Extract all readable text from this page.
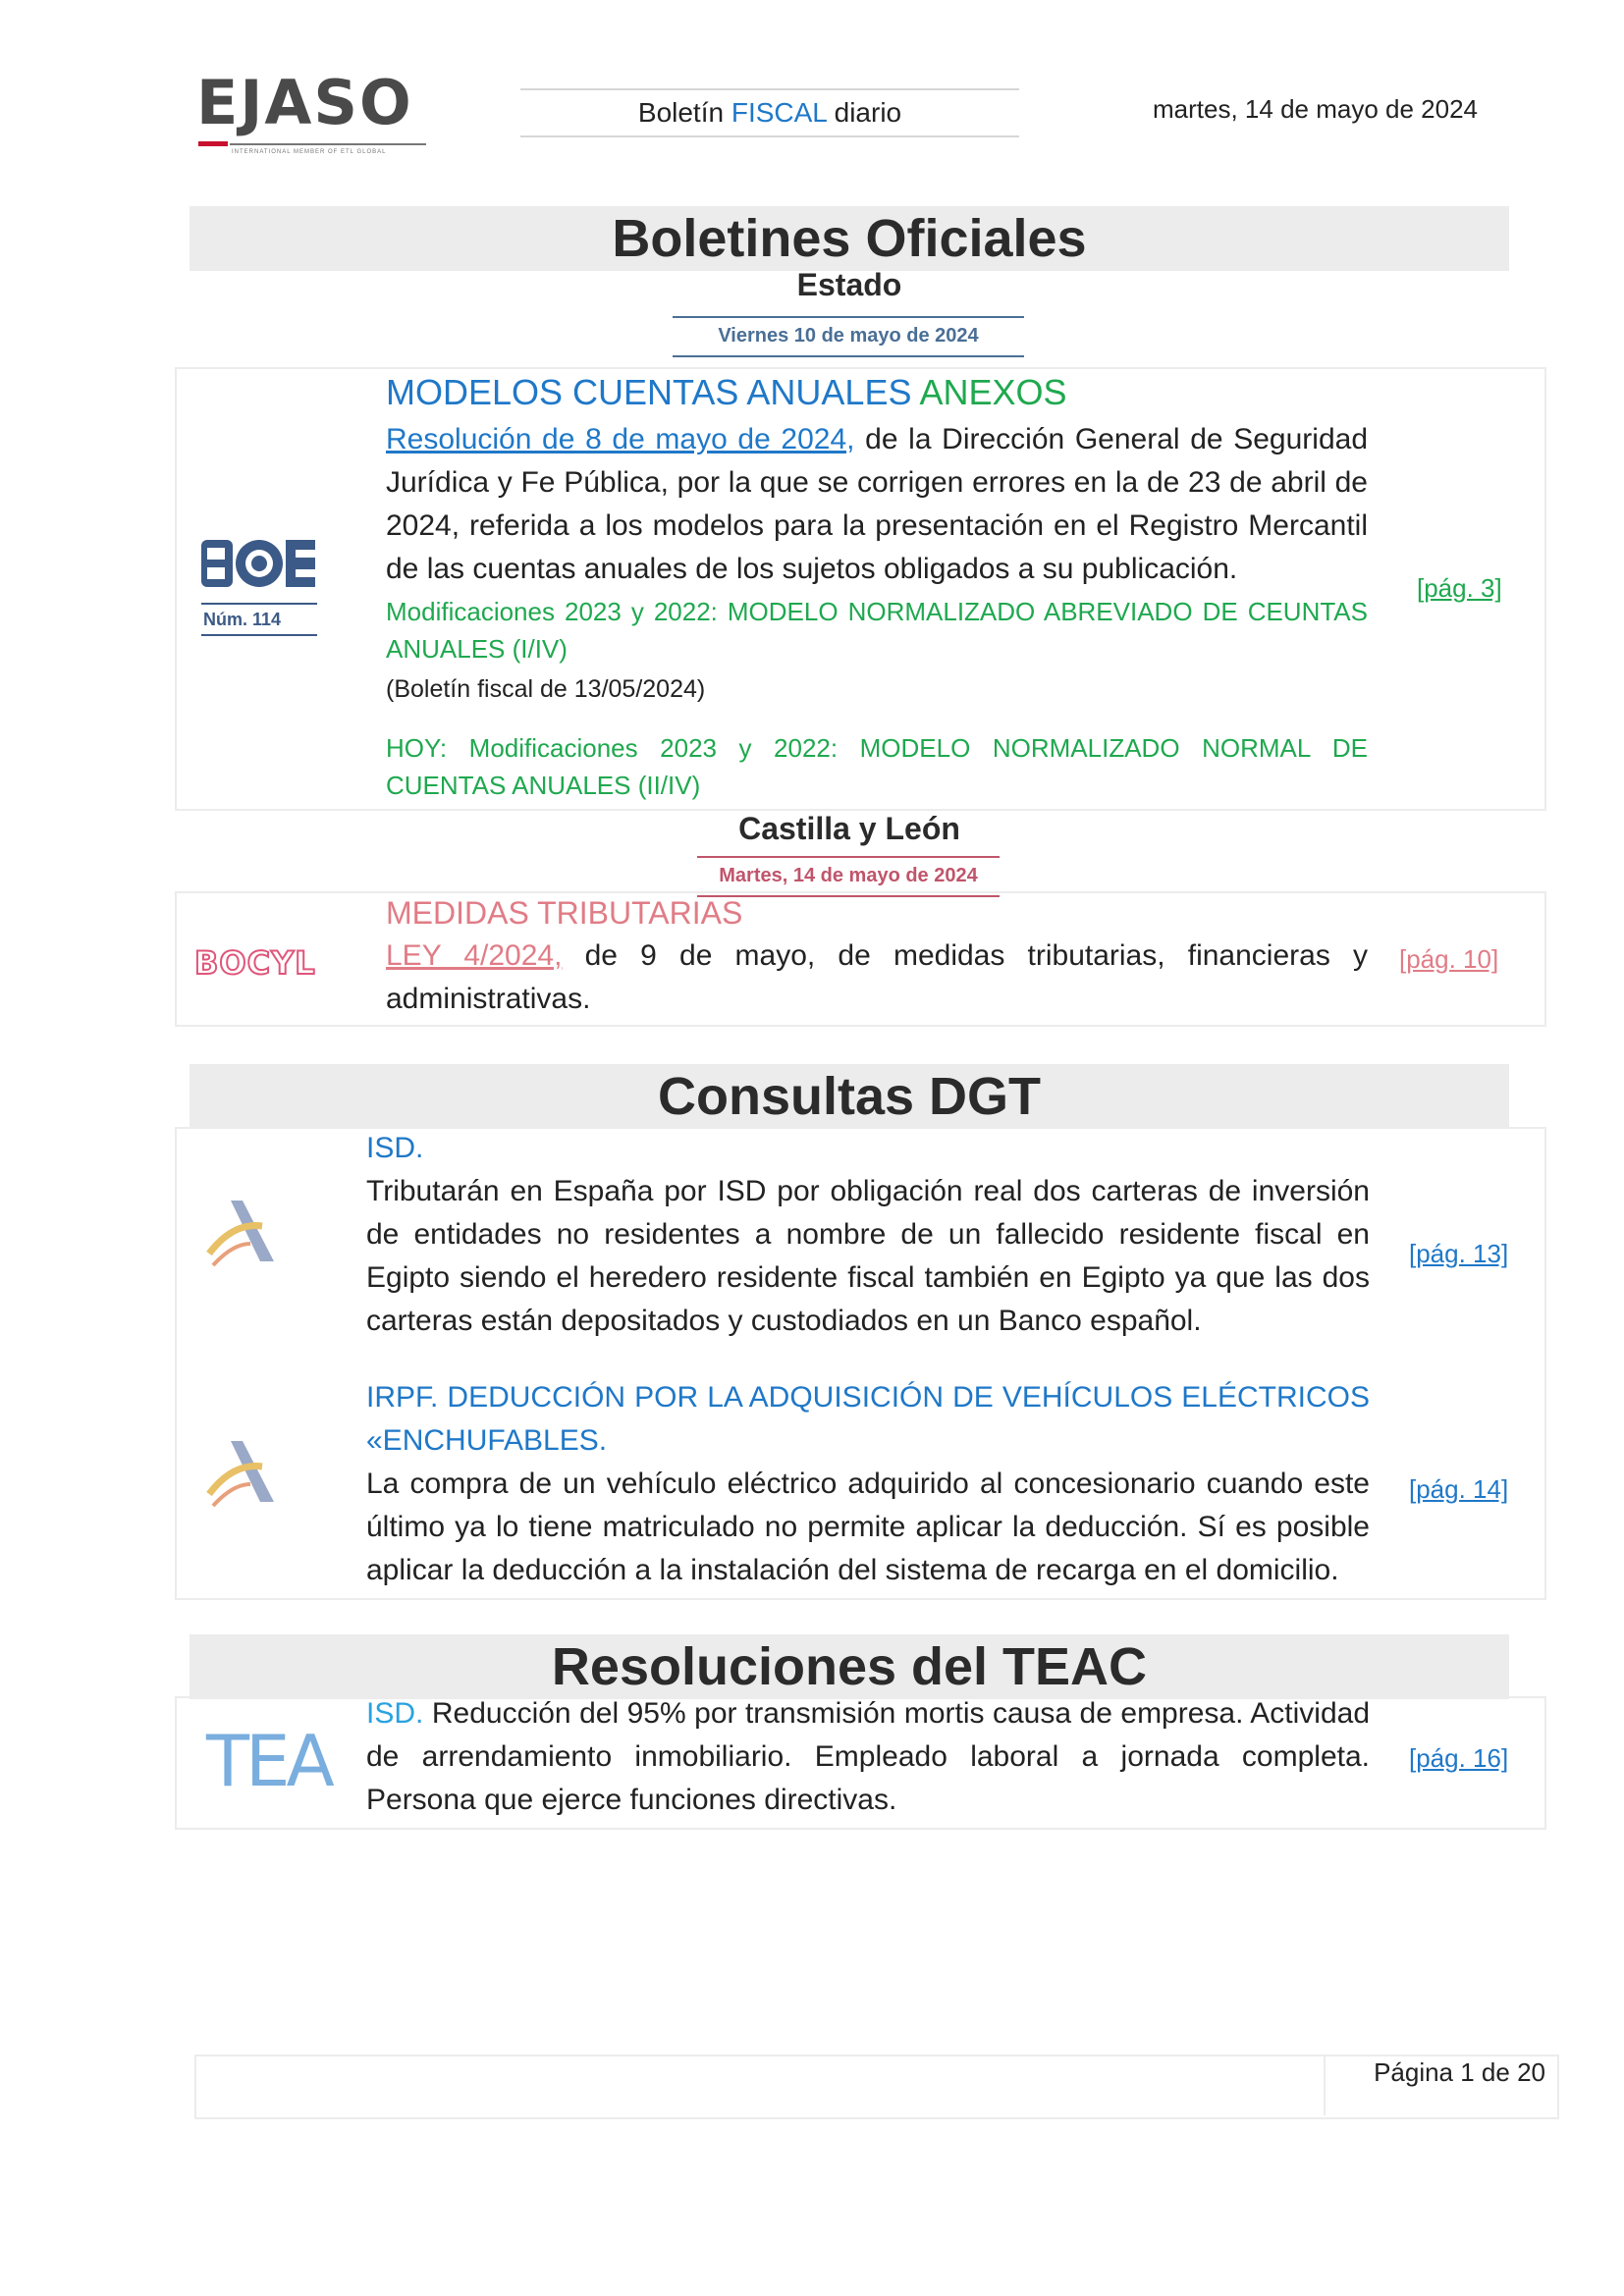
EJASO
INTERNATIONAL MEMBER OF ETL GLOBAL
Boletín FISCAL diario	martes, 14 de mayo de 2024
Boletines Oficiales
Estado
Viernes 10 de mayo de 2024
Núm. 114
MODELOS CUENTAS ANUALES ANEXOS
Resolución de 8 de mayo de 2024, de la Dirección General de Seguridad Jurídica y Fe Pública, por la que se corrigen errores en la de 23 de abril de 2024, referida a los modelos para la presentación en el Registro Mercantil de las cuentas anuales de los sujetos obligados a su publicación.
Modificaciones 2023 y 2022: MODELO NORMALIZADO ABREVIADO DE CEUNTAS ANUALES (I/IV)
(Boletín fiscal de 13/05/2024)
HOY: Modificaciones 2023 y 2022: MODELO NORMALIZADO NORMAL DE CUENTAS ANUALES (II/IV)
[pág. 3]
Castilla y León
Martes, 14 de mayo de 2024
BOCYL
MEDIDAS TRIBUTARIAS
LEY 4/2024, de 9 de mayo, de medidas tributarias, financieras y administrativas.
[pág. 10]
Consultas DGT
ISD.
Tributarán en España por ISD por obligación real dos carteras de inversión de entidades no residentes a nombre de un fallecido residente fiscal en Egipto siendo el heredero residente fiscal también en Egipto ya que las dos carteras están depositados y custodiados en un Banco español.
[pág. 13]
IRPF. DEDUCCIÓN POR LA ADQUISICIÓN DE VEHÍCULOS ELÉCTRICOS «ENCHUFABLES.
La compra de un vehículo eléctrico adquirido al concesionario cuando este último ya lo tiene matriculado no permite aplicar la deducción. Sí es posible aplicar la deducción a la instalación del sistema de recarga en el domicilio.
[pág. 14]
Resoluciones del TEAC
TEA
ISD. Reducción del 95% por transmisión mortis causa de empresa. Actividad de arrendamiento inmobiliario. Empleado laboral a jornada completa. Persona que ejerce funciones directivas.
[pág. 16]
Página 1 de 20
